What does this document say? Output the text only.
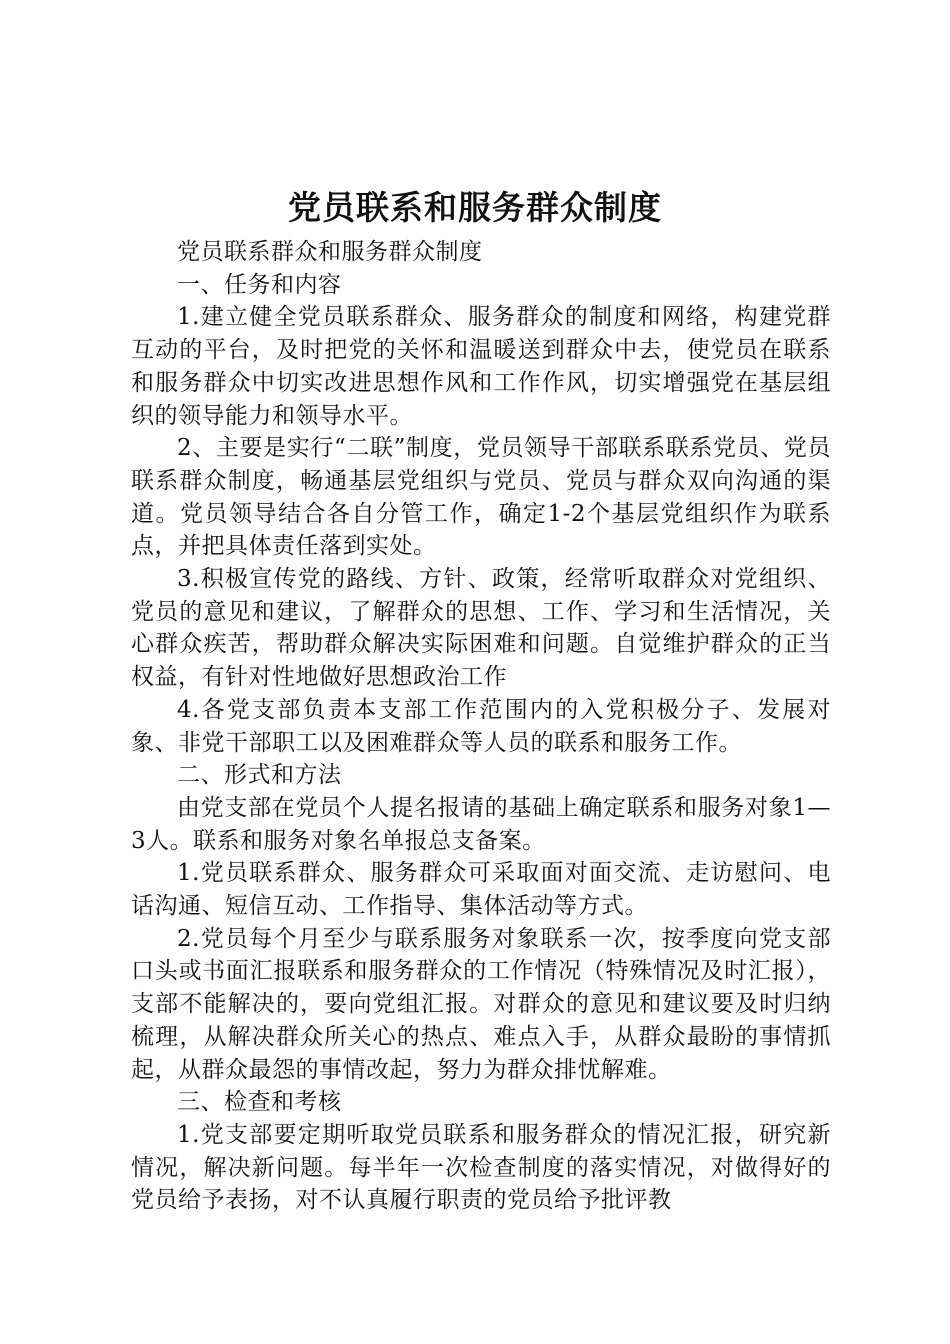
党员联系和服务群众制度

党员联系群众和服务群众制度

一、任务和内容

1.建立健全党员联系群众、服务群众的制度和网络，构建党群互动的平台，及时把党的关怀和温暖送到群众中去，使党员在联系和服务群众中切实改进思想作风和工作作风，切实增强党在基层组织的领导能力和领导水平。

2、主要是实行“二联”制度，党员领导干部联系联系党员、党员联系群众制度，畅通基层党组织与党员、党员与群众双向沟通的渠道。党员领导结合各自分管工作，确定1-2个基层党组织作为联系点，并把具体责任落到实处。

3.积极宣传党的路线、方针、政策，经常听取群众对党组织、党员的意见和建议，了解群众的思想、工作、学习和生活情况，关心群众疾苦，帮助群众解决实际困难和问题。自觉维护群众的正当权益，有针对性地做好思想政治工作

4.各党支部负责本支部工作范围内的入党积极分子、发展对象、非党干部职工以及困难群众等人员的联系和服务工作。

二、形式和方法

由党支部在党员个人提名报请的基础上确定联系和服务对象1—3人。联系和服务对象名单报总支备案。

1.党员联系群众、服务群众可采取面对面交流、走访慰问、电话沟通、短信互动、工作指导、集体活动等方式。

2.党员每个月至少与联系服务对象联系一次，按季度向党支部口头或书面汇报联系和服务群众的工作情况（特殊情况及时汇报），支部不能解决的，要向党组汇报。对群众的意见和建议要及时归纳梳理，从解决群众所关心的热点、难点入手，从群众最盼的事情抓起，从群众最怨的事情改起，努力为群众排忧解难。

三、检查和考核

1.党支部要定期听取党员联系和服务群众的情况汇报，研究新情况，解决新问题。每半年一次检查制度的落实情况，对做得好的党员给予表扬，对不认真履行职责的党员给予批评教
